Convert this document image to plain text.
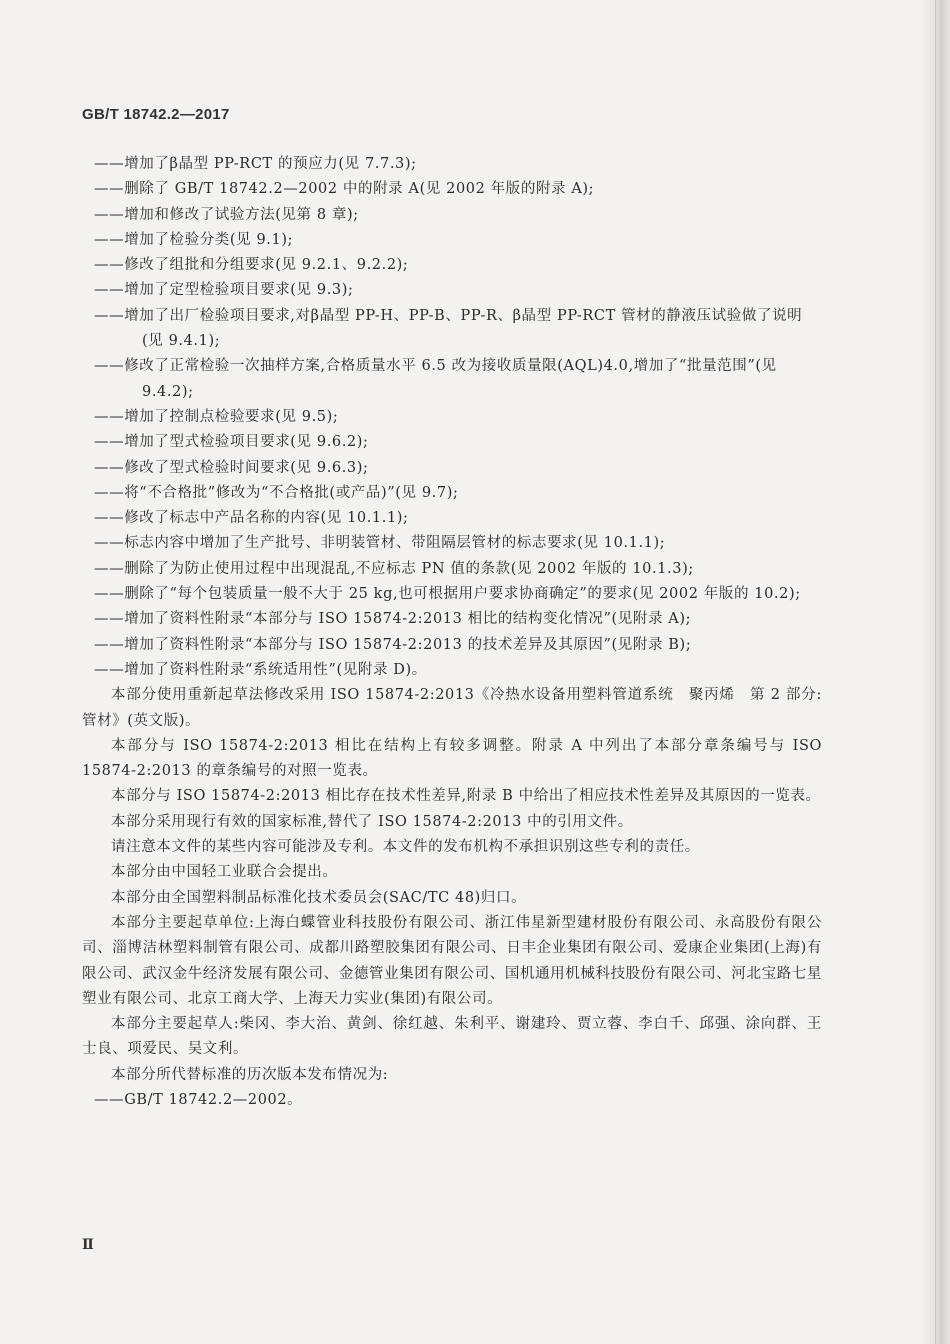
GB/T 18742.2—2017

——增加了β晶型 PP-RCT 的预应力(见 7.7.3);

——删除了 GB/T 18742.2—2002 中的附录 A(见 2002 年版的附录 A);

——增加和修改了试验方法(见第 8 章);

——增加了检验分类(见 9.1);

——修改了组批和分组要求(见 9.2.1、9.2.2);

——增加了定型检验项目要求(见 9.3);

——增加了出厂检验项目要求,对β晶型 PP-H、PP-B、PP-R、β晶型 PP-RCT 管材的静液压试验做了说明(见 9.4.1);

——修改了正常检验一次抽样方案,合格质量水平 6.5 改为接收质量限(AQL)4.0,增加了“批量范围”(见 9.4.2);

——增加了控制点检验要求(见 9.5);

——增加了型式检验项目要求(见 9.6.2);

——修改了型式检验时间要求(见 9.6.3);

——将“不合格批”修改为“不合格批(或产品)”(见 9.7);

——修改了标志中产品名称的内容(见 10.1.1);

——标志内容中增加了生产批号、非明装管材、带阻隔层管材的标志要求(见 10.1.1);

——删除了为防止使用过程中出现混乱,不应标志 PN 值的条款(见 2002 年版的 10.1.3);

——删除了“每个包装质量一般不大于 25 kg,也可根据用户要求协商确定”的要求(见 2002 年版的 10.2);

——增加了资料性附录“本部分与 ISO 15874-2:2013 相比的结构变化情况”(见附录 A);

——增加了资料性附录“本部分与 ISO 15874-2:2013 的技术差异及其原因”(见附录 B);

——增加了资料性附录“系统适用性”(见附录 D)。

本部分使用重新起草法修改采用 ISO 15874-2:2013《冷热水设备用塑料管道系统　聚丙烯　第 2 部分:管材》(英文版)。

本部分与 ISO 15874-2:2013 相比在结构上有较多调整。附录 A 中列出了本部分章条编号与 ISO 15874-2:2013 的章条编号的对照一览表。

本部分与 ISO 15874-2:2013 相比存在技术性差异,附录 B 中给出了相应技术性差异及其原因的一览表。

本部分采用现行有效的国家标准,替代了 ISO 15874-2:2013 中的引用文件。

请注意本文件的某些内容可能涉及专利。本文件的发布机构不承担识别这些专利的责任。

本部分由中国轻工业联合会提出。

本部分由全国塑料制品标准化技术委员会(SAC/TC 48)归口。

本部分主要起草单位:上海白蝶管业科技股份有限公司、浙江伟星新型建材股份有限公司、永高股份有限公司、淄博洁林塑料制管有限公司、成都川路塑胶集团有限公司、日丰企业集团有限公司、爱康企业集团(上海)有限公司、武汉金牛经济发展有限公司、金德管业集团有限公司、国机通用机械科技股份有限公司、河北宝路七星塑业有限公司、北京工商大学、上海天力实业(集团)有限公司。

本部分主要起草人:柴冈、李大治、黄剑、徐红越、朱利平、谢建玲、贾立蓉、李白千、邱强、涂向群、王士良、项爱民、吴文利。

本部分所代替标准的历次版本发布情况为:

——GB/T 18742.2—2002。

Ⅱ
